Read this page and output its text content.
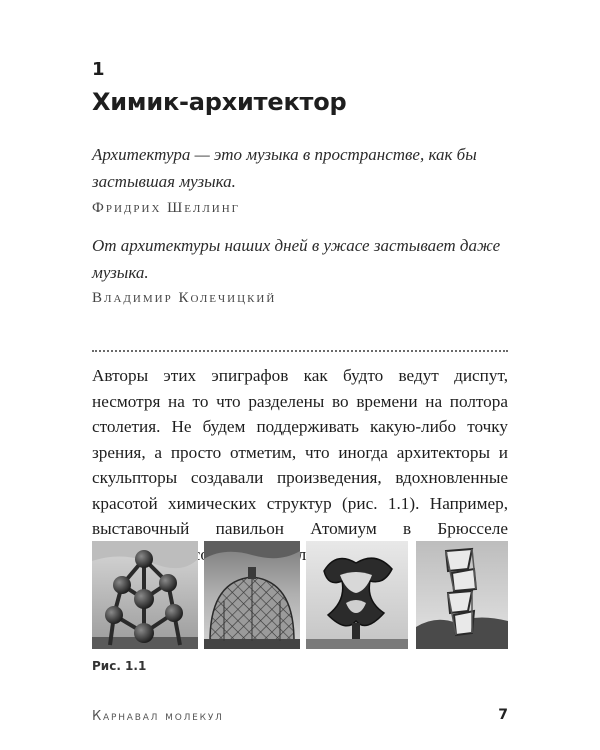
1
Химик-архитектор
Архитектура — это музыка в пространстве, как бы застывшая музыка.
Фридрих Шеллинг
От архитектуры наших дней в ужасе застывает даже музыка.
Владимир Колечицкий
Авторы этих эпиграфов как будто ведут диспут, несмотря на то что разделены во времени на полтора столетия. Не будем поддерживать какую-либо точку зрения, а просто отметим, что иногда архитекторы и скульпторы создавали произведения, вдохновленные красотой химических структур (рис. 1.1). Например, выставочный павильон Атомиум в Брюсселе кристаллическую
Рис. 1.1
Карнавал молекул	7
